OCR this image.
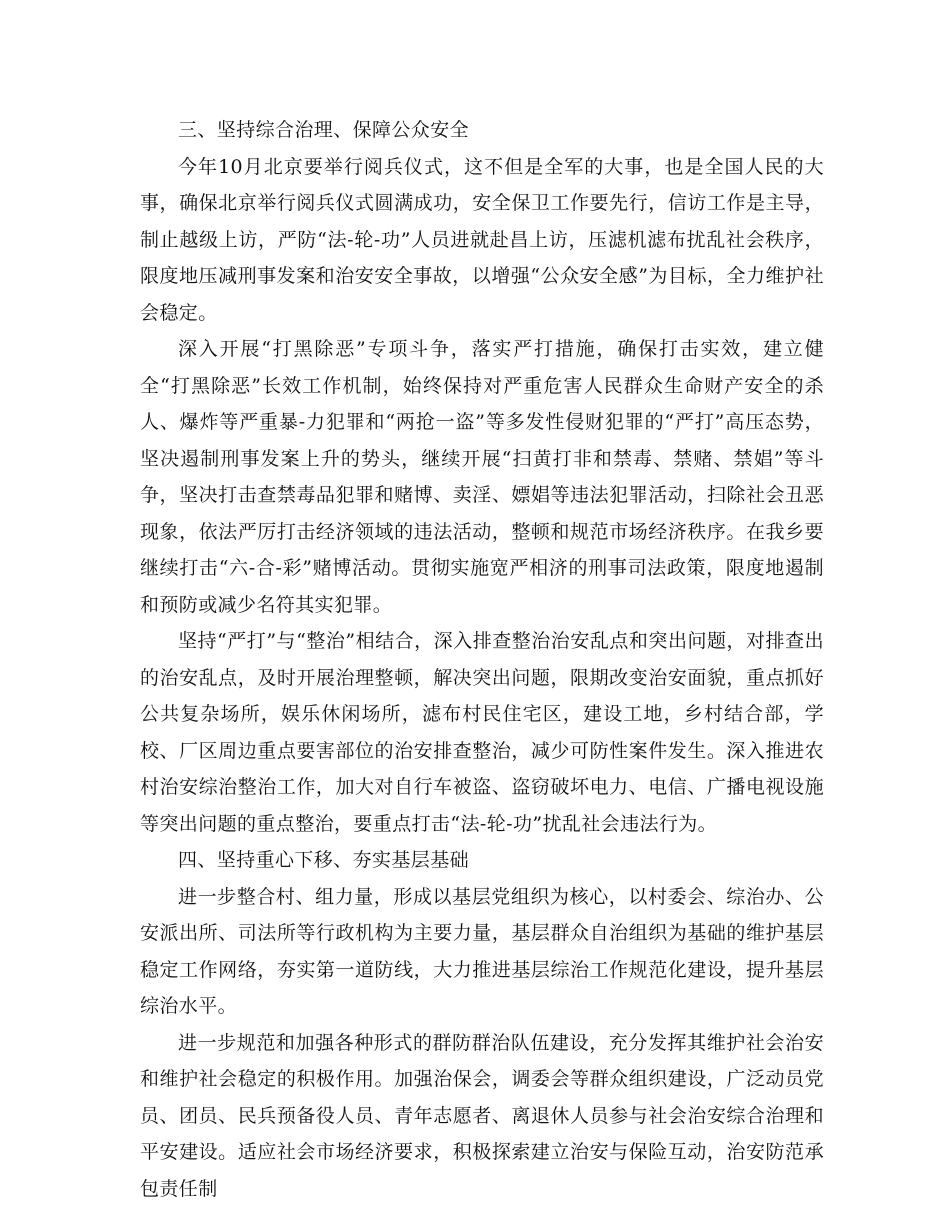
三、坚持综合治理、保障公众安全

今年10月北京要举行阅兵仪式，这不但是全军的大事，也是全国人民的大事，确保北京举行阅兵仪式圆满成功，安全保卫工作要先行，信访工作是主导，制止越级上访，严防“法-轮-功”人员进就赴昌上访，压滤机滤布扰乱社会秩序，限度地压减刑事发案和治安安全事故，以增强“公众安全感”为目标，全力维护社会稳定。

深入开展“打黑除恶”专项斗争，落实严打措施，确保打击实效，建立健全“打黑除恶”长效工作机制，始终保持对严重危害人民群众生命财产安全的杀人、爆炸等严重暴-力犯罪和“两抢一盗”等多发性侵财犯罪的“严打”高压态势，坚决遏制刑事发案上升的势头，继续开展“扫黄打非和禁毒、禁赌、禁娼”等斗争，坚决打击查禁毒品犯罪和赌博、卖淫、嫖娼等违法犯罪活动，扫除社会丑恶现象，依法严厉打击经济领域的违法活动，整顿和规范市场经济秩序。在我乡要继续打击“六-合-彩”赌博活动。贯彻实施宽严相济的刑事司法政策，限度地遏制和预防或减少名符其实犯罪。

坚持“严打”与“整治”相结合，深入排查整治治安乱点和突出问题，对排查出的治安乱点，及时开展治理整顿，解决突出问题，限期改变治安面貌，重点抓好公共复杂场所，娱乐休闲场所，滤布村民住宅区，建设工地，乡村结合部，学校、厂区周边重点要害部位的治安排查整治，减少可防性案件发生。深入推进农村治安综治整治工作，加大对自行车被盗、盗窃破坏电力、电信、广播电视设施等突出问题的重点整治，要重点打击“法-轮-功”扰乱社会违法行为。

四、坚持重心下移、夯实基层基础

进一步整合村、组力量，形成以基层党组织为核心，以村委会、综治办、公安派出所、司法所等行政机构为主要力量，基层群众自治组织为基础的维护基层稳定工作网络，夯实第一道防线，大力推进基层综治工作规范化建设，提升基层综治水平。

进一步规范和加强各种形式的群防群治队伍建设，充分发挥其维护社会治安和维护社会稳定的积极作用。加强治保会，调委会等群众组织建设，广泛动员党员、团员、民兵预备役人员、青年志愿者、离退休人员参与社会治安综合治理和平安建设。适应社会市场经济要求，积极探索建立治安与保险互动，治安防范承包责任制
